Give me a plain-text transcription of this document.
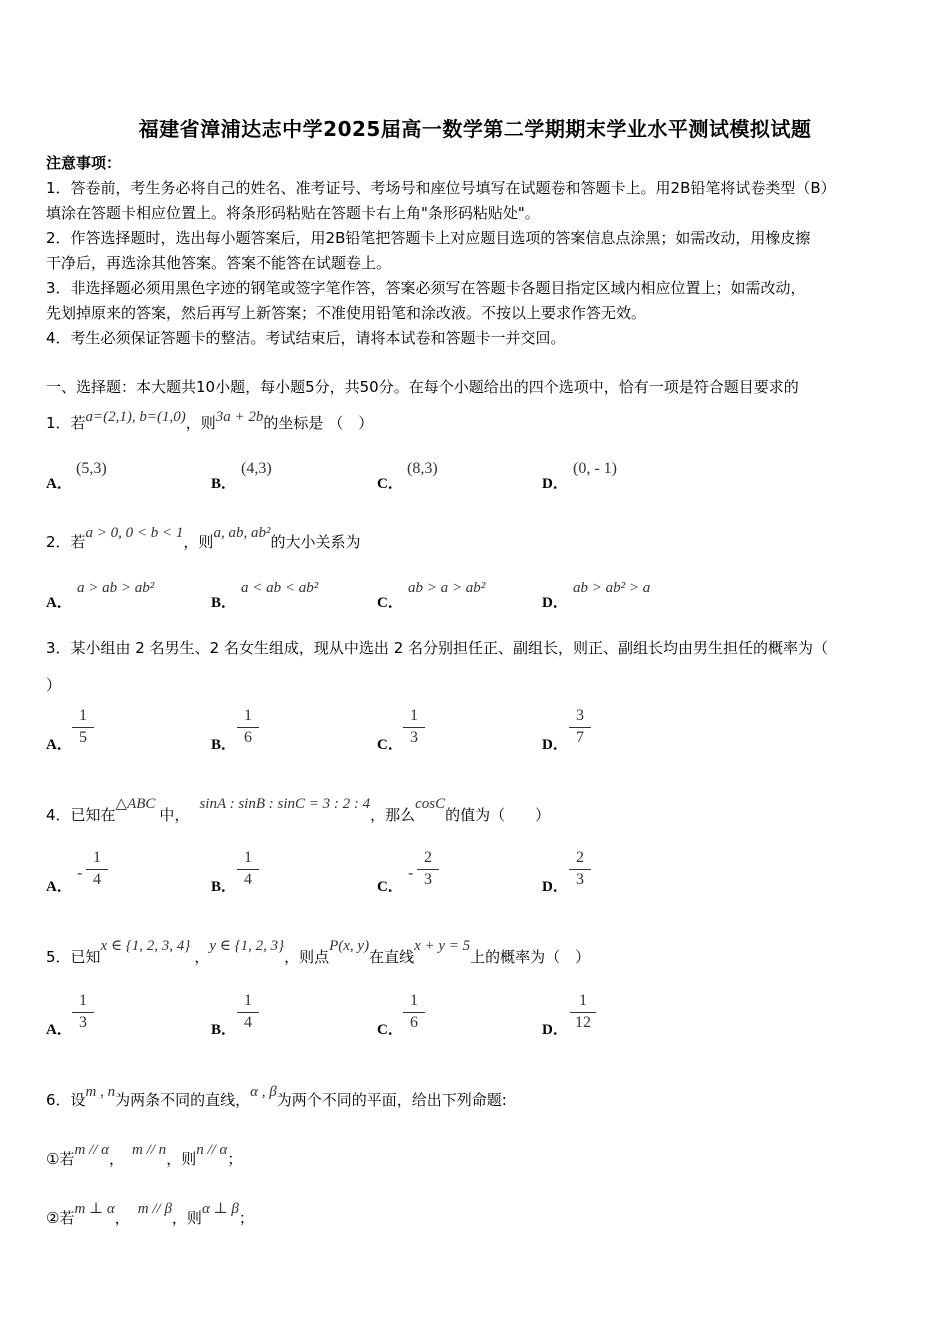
福建省漳浦达志中学2025届高一数学第二学期期末学业水平测试模拟试题
注意事项：
1．答卷前，考生务必将自己的姓名、准考证号、考场号和座位号填写在试题卷和答题卡上。用2B铅笔将试卷类型（B）
填涂在答题卡相应位置上。将条形码粘贴在答题卡右上角"条形码粘贴处"。
2．作答选择题时，选出每小题答案后，用2B铅笔把答题卡上对应题目选项的答案信息点涂黑；如需改动，用橡皮擦
干净后，再选涂其他答案。答案不能答在试题卷上。
3．非选择题必须用黑色字迹的钢笔或签字笔作答，答案必须写在答题卡各题目指定区域内相应位置上；如需改动，
先划掉原来的答案，然后再写上新答案；不准使用铅笔和涂改液。不按以上要求作答无效。
4．考生必须保证答题卡的整洁。考试结束后，请将本试卷和答题卡一并交回。
一、选择题：本大题共10小题，每小题5分，共50分。在每个小题给出的四个选项中，恰有一项是符合题目要求的
1．若a=(2,1), b=(1,0)，则3a + 2b的坐标是 （　）
A．
(5,3)
B．
(4,3)
C．
(8,3)
D．
(0, - 1)
2．若a > 0, 0 < b < 1，则a, ab, ab²的大小关系为
A．
a > ab > ab²
B．
a < ab < ab²
C．
ab > a > ab²
D．
ab > ab² > a
3．某小组由 2 名男生、2 名女生组成，现从中选出 2 名分别担任正、副组长，则正、副组长均由男生担任的概率为（
）
A．
1
5	B．
1
6	C．
1
3	D．
3
7
4．已知在△ABC中，sinA : sinB : sinC = 3 : 2 : 4，那么cosC的值为（　　）
A．
-
1
4	B．
1
4	C．
-
2
3	D．
2
3
5．已知x ∈ {1, 2, 3, 4}，y ∈ {1, 2, 3}，则点P(x, y)在直线x + y = 5上的概率为（　）
A．
1
3	B．
1
4	C．
1
6	D．
1
12
6．设m , n为两条不同的直线，α , β为两个不同的平面，给出下列命题:
①若m // α， m // n，则n // α；
②若m ⊥ α， m // β，则α ⊥ β；
